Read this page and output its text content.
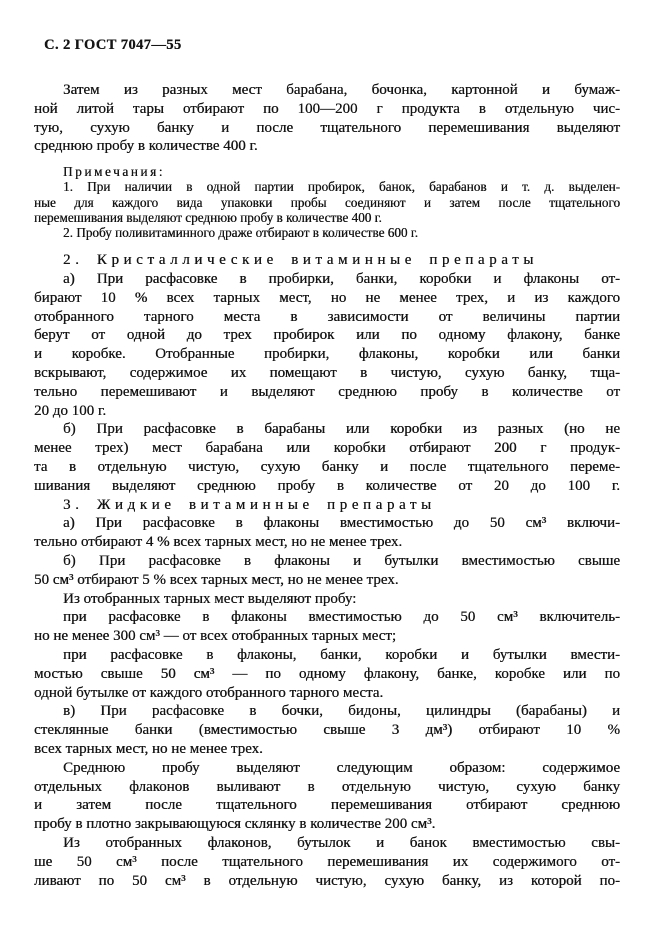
С. 2 ГОСТ 7047—55
Затем из разных мест барабана, бочонка, картонной и бумаж-
ной литой тары отбирают по 100—200 г продукта в отдельную чис-
тую, сухую банку и после тщательного перемешивания выделяют
среднюю пробу в количестве 400 г.
Примечания:
1. При наличии в одной партии пробирок, банок, барабанов и т. д. выделен-
ные для каждого вида упаковки пробы соединяют и затем после тщательного
перемешивания выделяют среднюю пробу в количестве 400 г.
2. Пробу поливитаминного драже отбирают в количестве 600 г.
2. Кристаллические витаминные препараты
а) При расфасовке в пробирки, банки, коробки и флаконы от-
бирают 10 % всех тарных мест, но не менее трех, и из каждого
отобранного тарного места в зависимости от величины партии
берут от одной до трех пробирок или по одному флакону, банке
и коробке. Отобранные пробирки, флаконы, коробки или банки
вскрывают, содержимое их помещают в чистую, сухую банку, тща-
тельно перемешивают и выделяют среднюю пробу в количестве от
20 до 100 г.
б) При расфасовке в барабаны или коробки из разных (но не
менее трех) мест барабана или коробки отбирают 200 г продук-
та в отдельную чистую, сухую банку и после тщательного переме-
шивания выделяют среднюю пробу в количестве от 20 до 100 г.
3. Жидкие витаминные препараты
а) При расфасовке в флаконы вместимостью до 50 см³ включи-
тельно отбирают 4 % всех тарных мест, но не менее трех.
б) При расфасовке в флаконы и бутылки вместимостью свыше
50 см³ отбирают 5 % всех тарных мест, но не менее трех.
Из отобранных тарных мест выделяют пробу:
при расфасовке в флаконы вместимостью до 50 см³ включитель-
но не менее 300 см³ — от всех отобранных тарных мест;
при расфасовке в флаконы, банки, коробки и бутылки вмести-
мостью свыше 50 см³ — по одному флакону, банке, коробке или по
одной бутылке от каждого отобранного тарного места.
в) При расфасовке в бочки, бидоны, цилиндры (барабаны) и
стеклянные банки (вместимостью свыше 3 дм³) отбирают 10 %
всех тарных мест, но не менее трех.
Среднюю пробу выделяют следующим образом: содержимое
отдельных флаконов выливают в отдельную чистую, сухую банку
и затем после тщательного перемешивания отбирают среднюю
пробу в плотно закрывающуюся склянку в количестве 200 см³.
Из отобранных флаконов, бутылок и банок вместимостью свы-
ше 50 см³ после тщательного перемешивания их содержимого от-
ливают по 50 см³ в отдельную чистую, сухую банку, из которой по-
